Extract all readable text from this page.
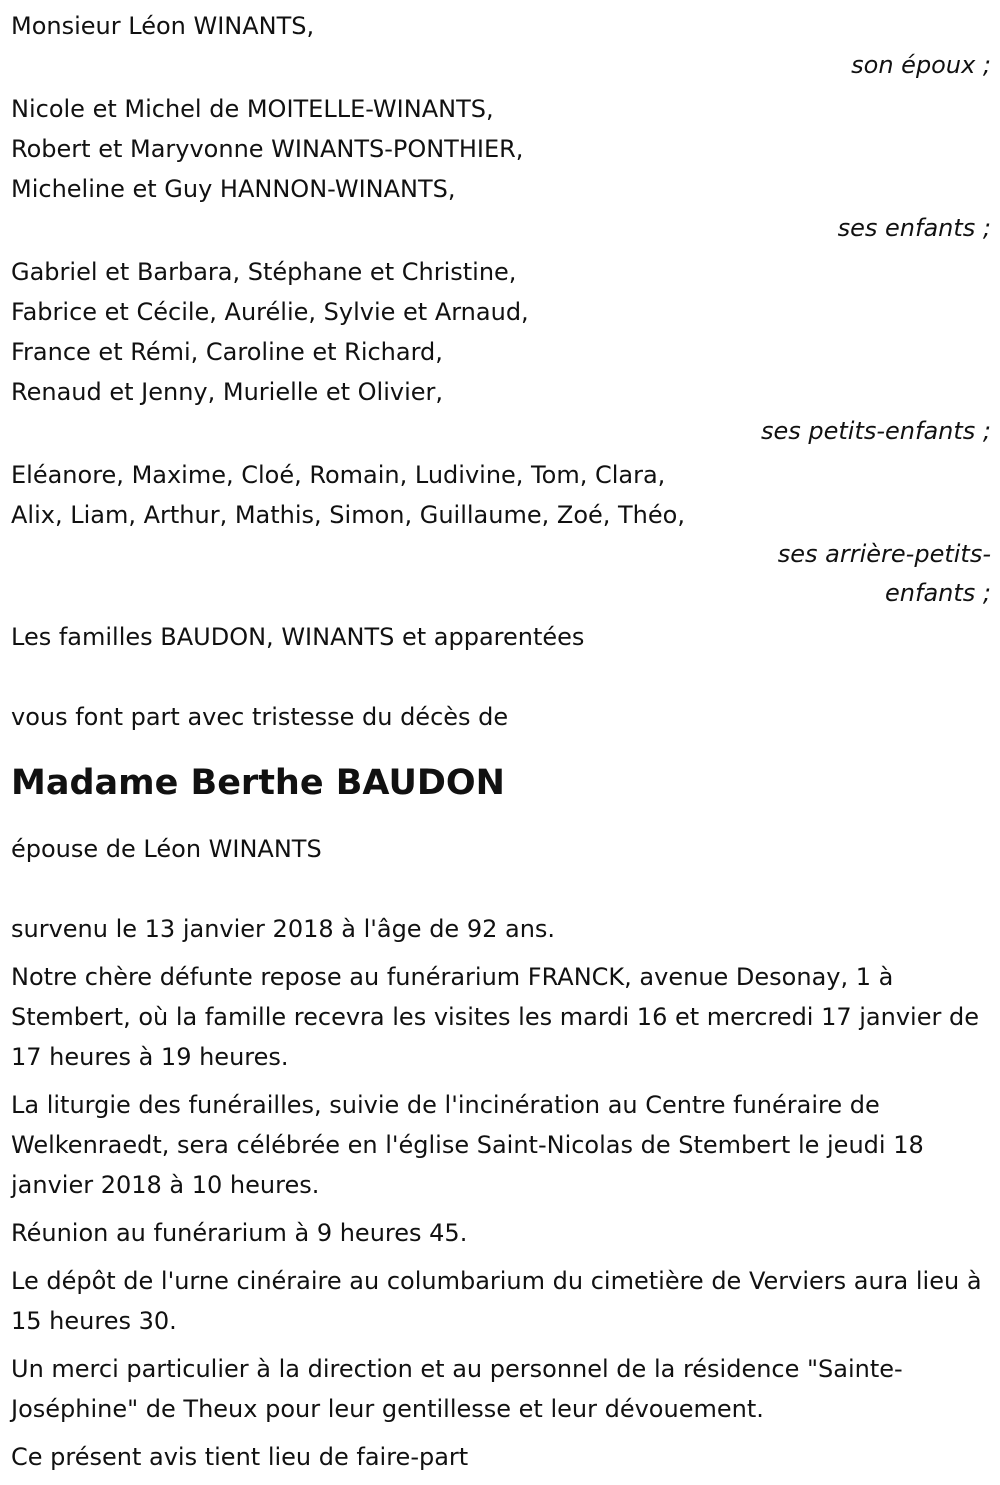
Monsieur Léon WINANTS,

son époux ;

Nicole et Michel de MOITELLE-WINANTS,

Robert et Maryvonne WINANTS-PONTHIER,

Micheline et Guy HANNON-WINANTS,

ses enfants ;

Gabriel et Barbara, Stéphane et Christine,

Fabrice et Cécile, Aurélie, Sylvie et Arnaud,

France et Rémi, Caroline et Richard,

Renaud et Jenny, Murielle et Olivier,

ses petits-enfants ;

Eléanore, Maxime, Cloé, Romain, Ludivine, Tom, Clara,

Alix, Liam, Arthur, Mathis, Simon, Guillaume, Zoé, Théo,

ses arrière-petits-

enfants ;

Les familles BAUDON, WINANTS et apparentées

vous font part avec tristesse du décès de

Madame Berthe BAUDON

épouse de Léon WINANTS

survenu le 13 janvier 2018 à l'âge de 92 ans.

Notre chère défunte repose au funérarium FRANCK, avenue Desonay, 1 à Stembert, où la famille recevra les visites les mardi 16 et mercredi 17 janvier de 17 heures à 19 heures.

La liturgie des funérailles, suivie de l'incinération au Centre funéraire de Welkenraedt, sera célébrée en l'église Saint-Nicolas de Stembert le jeudi 18 janvier 2018 à 10 heures.

Réunion au funérarium à 9 heures 45.

Le dépôt de l'urne cinéraire au columbarium du cimetière de Verviers aura lieu à 15 heures 30.

Un merci particulier à la direction et au personnel de la résidence "Sainte-Joséphine" de Theux pour leur gentillesse et leur dévouement.

Ce présent avis tient lieu de faire-part
